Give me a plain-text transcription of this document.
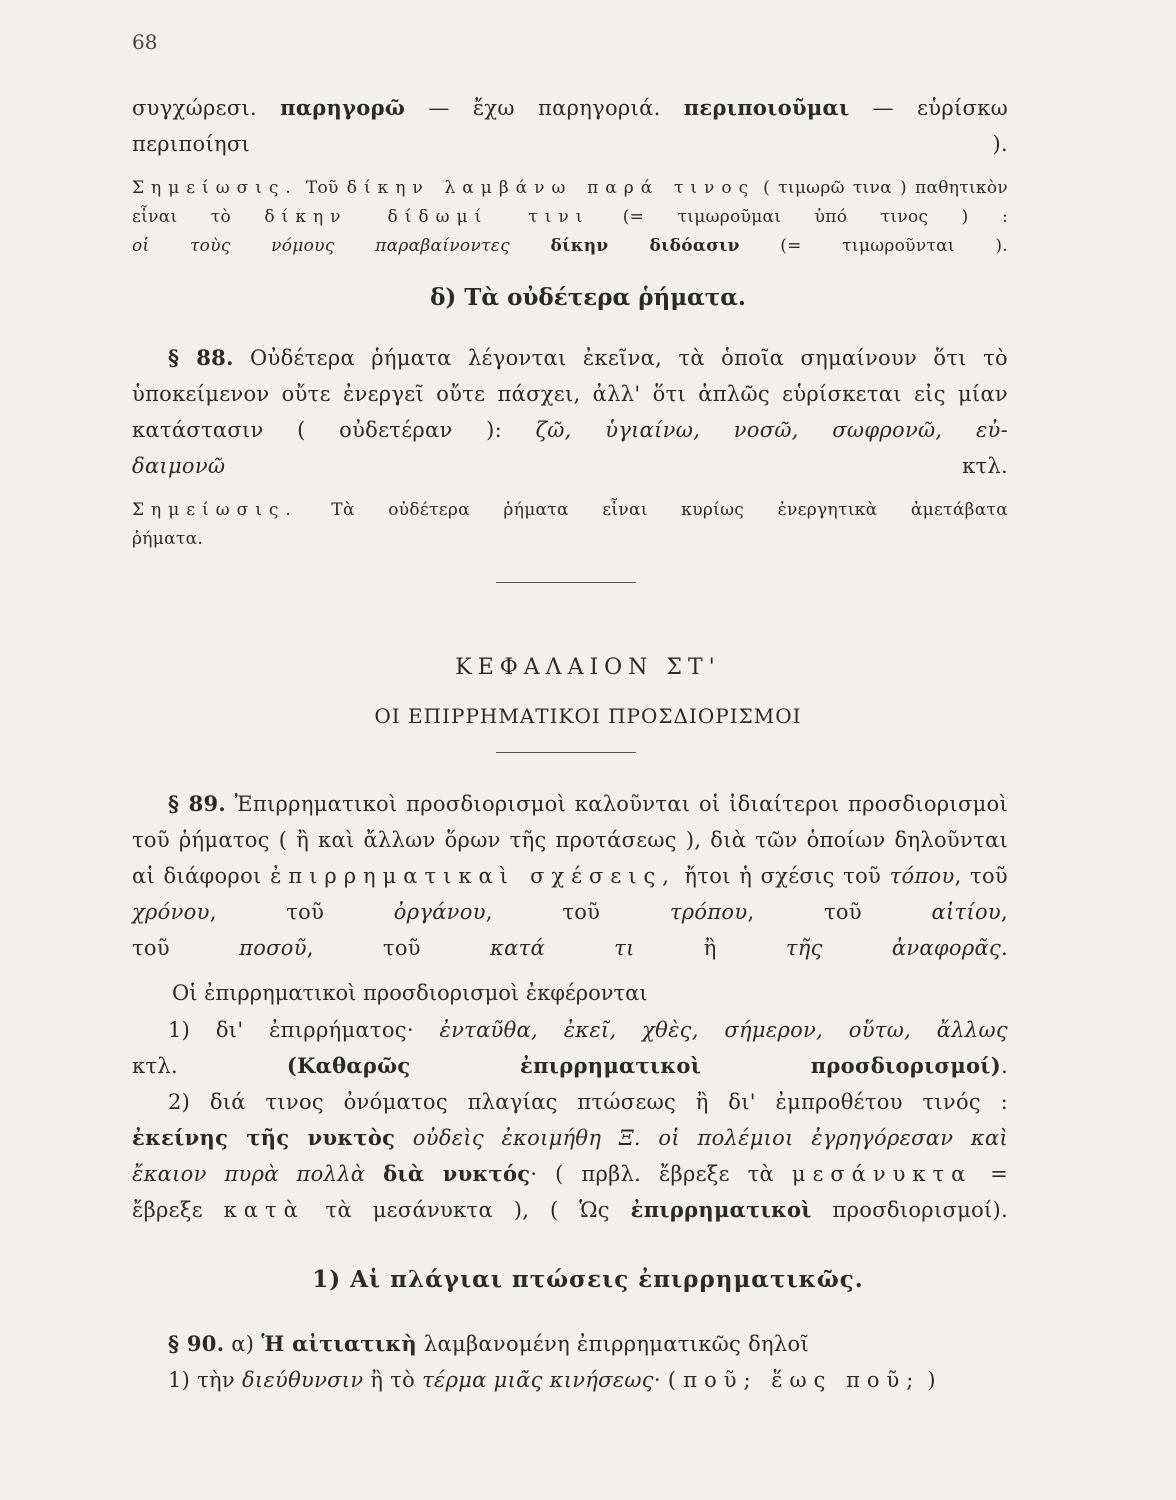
68
συγχώρεσι. παρηγορῶ — ἔχω παρηγοριά. περιποιοῦμαι — εὑρίσκω
περιποίησι ).
Σημείωσις. Τοῦ δίκην λαμβάνω παρά τινος ( τιμωρῶ τινα ) παθητικὸν εἶναι τὸ δίκην δίδωμί τινι (= τιμωροῦμαι ὑπό τινος ) :
οἱ τοὺς νόμους παραβαίνοντες δίκην διδόασιν (= τιμωροῦνται ).
δ) Τὰ οὐδέτερα ῥήματα.
§ 88. Οὐδέτερα ῥήματα λέγονται ἐκεῖνα, τὰ ὁποῖα σημαίνουν ὅτι τὸ ὑποκείμενον οὔτε ἐνεργεῖ οὔτε πάσχει, ἀλλ' ὅτι ἁπλῶς εὑρίσκεται εἰς μίαν κατάστασιν ( οὐδετέραν ): ζῶ, ὑγιαίνω, νοσῶ, σωφρονῶ, εὐ-
δαιμονῶ κτλ.
Σημείωσις. Τὰ οὐδέτερα ῥήματα εἶναι κυρίως ἐνεργητικὰ ἀμετάβατα
ῥήματα.
ΚΕΦΑΛΑΙΟΝ ΣΤ'
ΟΙ ΕΠΙΡΡΗΜΑΤΙΚΟΙ ΠΡΟΣΔΙΟΡΙΣΜΟΙ
§ 89. Ἐπιρρηματικοὶ προσδιορισμοὶ καλοῦνται οἱ ἰδιαίτεροι προσδιορισμοὶ τοῦ ῥήματος ( ἢ καὶ ἄλλων ὅρων τῆς προτάσεως ), διὰ τῶν ὁποίων δηλοῦνται αἱ διάφοροι ἐπιρρηματικαὶ σχέσεις, ἤτοι ἡ σχέσις τοῦ τόπου, τοῦ χρόνου, τοῦ ὀργάνου, τοῦ τρόπου, τοῦ αἰτίου,
τοῦ ποσοῦ, τοῦ κατά τι ἢ τῆς ἀναφορᾶς.
Οἱ ἐπιρρηματικοὶ προσδιορισμοὶ ἐκφέρονται
1) δι' ἐπιρρήματος· ἐνταῦθα, ἐκεῖ, χθὲς, σήμερον, οὕτω, ἄλλως
κτλ. (Καθαρῶς ἐπιρρηματικοὶ προσδιορισμοί).
2) διά τινος ὀνόματος πλαγίας πτώσεως ἢ δι' ἐμπροθέτου τινός :
ἐκείνης τῆς νυκτὸς οὐδεὶς ἐκοιμήθη Ξ. οἱ πολέμιοι ἐγρηγόρεσαν καὶ
ἔκαιον πυρὰ πολλὰ διὰ νυκτός· ( πρβλ. ἔβρεξε τὰ μεσάνυκτα =
ἔβρεξε κατὰ τὰ μεσάνυκτα ), ( Ὡς ἐπιρρηματικοὶ προσδιορισμοί).
1) Αἱ πλάγιαι πτώσεις ἐπιρρηματικῶς.
§ 90. α) Ἡ αἰτιατικὴ λαμβανομένη ἐπιρρηματικῶς δηλοῖ
1) τὴν διεύθυνσιν ἢ τὸ τέρμα μιᾶς κινήσεως· ( ποῦ; ἕως ποῦ; )
